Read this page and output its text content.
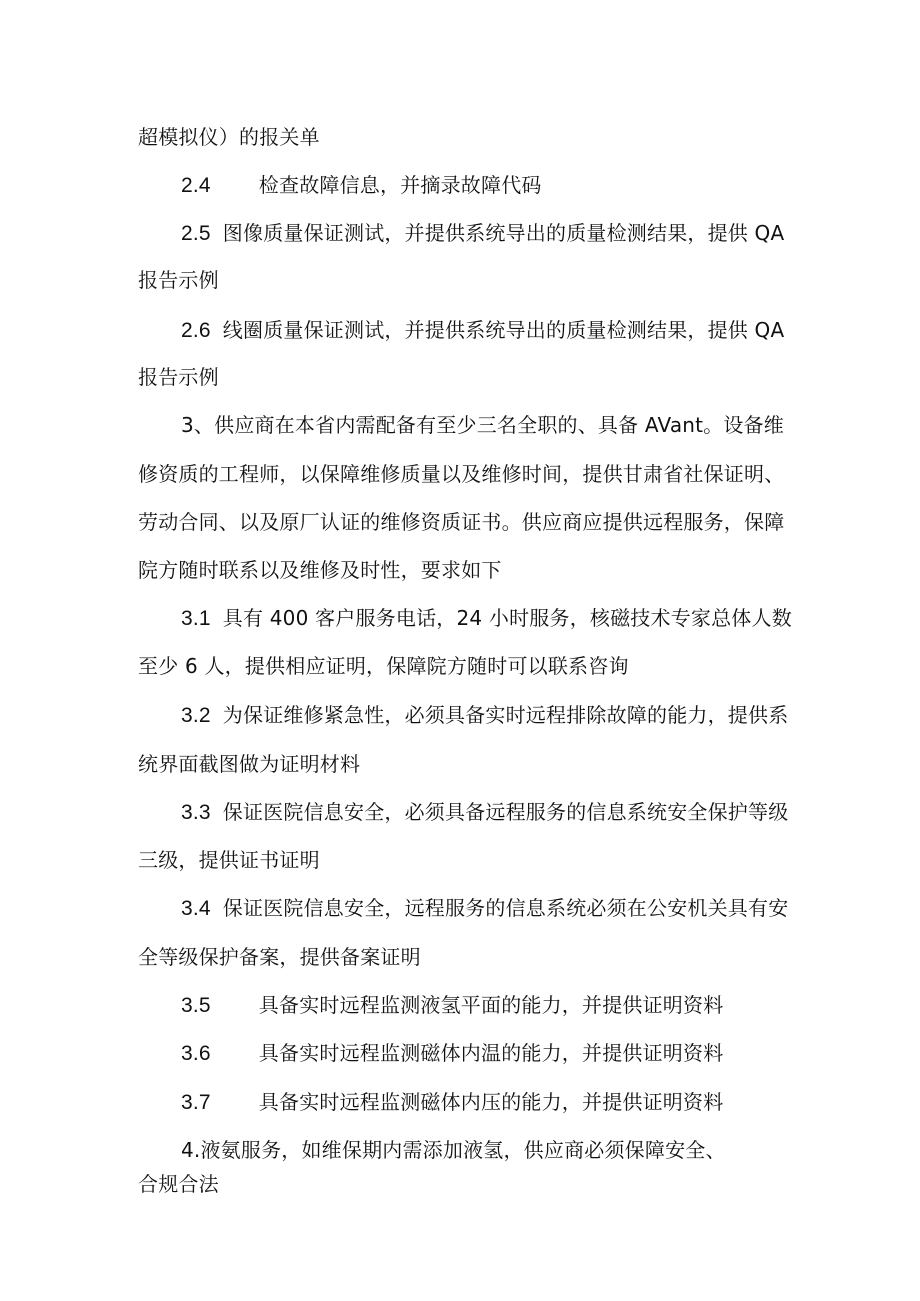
超模拟仪）的报关单
2.4 检查故障信息，并摘录故障代码
2.5 图像质量保证测试，并提供系统导出的质量检测结果，提供 QA
报告示例
2.6 线圈质量保证测试，并提供系统导出的质量检测结果，提供 QA
报告示例
3、供应商在本省内需配备有至少三名全职的、具备 AVant。设备维
修资质的工程师，以保障维修质量以及维修时间，提供甘肃省社保证明、
劳动合同、以及原厂认证的维修资质证书。供应商应提供远程服务，保障
院方随时联系以及维修及时性，要求如下
3.1 具有 400 客户服务电话，24 小时服务，核磁技术专家总体人数
至少 6 人，提供相应证明，保障院方随时可以联系咨询
3.2 为保证维修紧急性，必须具备实时远程排除故障的能力，提供系
统界面截图做为证明材料
3.3 保证医院信息安全，必须具备远程服务的信息系统安全保护等级
三级，提供证书证明
3.4 保证医院信息安全，远程服务的信息系统必须在公安机关具有安
全等级保护备案，提供备案证明
3.5 具备实时远程监测液氢平面的能力，并提供证明资料
3.6 具备实时远程监测磁体内温的能力，并提供证明资料
3.7 具备实时远程监测磁体内压的能力，并提供证明资料
4.液氨服务，如维保期内需添加液氢，供应商必须保障安全、
合规合法
